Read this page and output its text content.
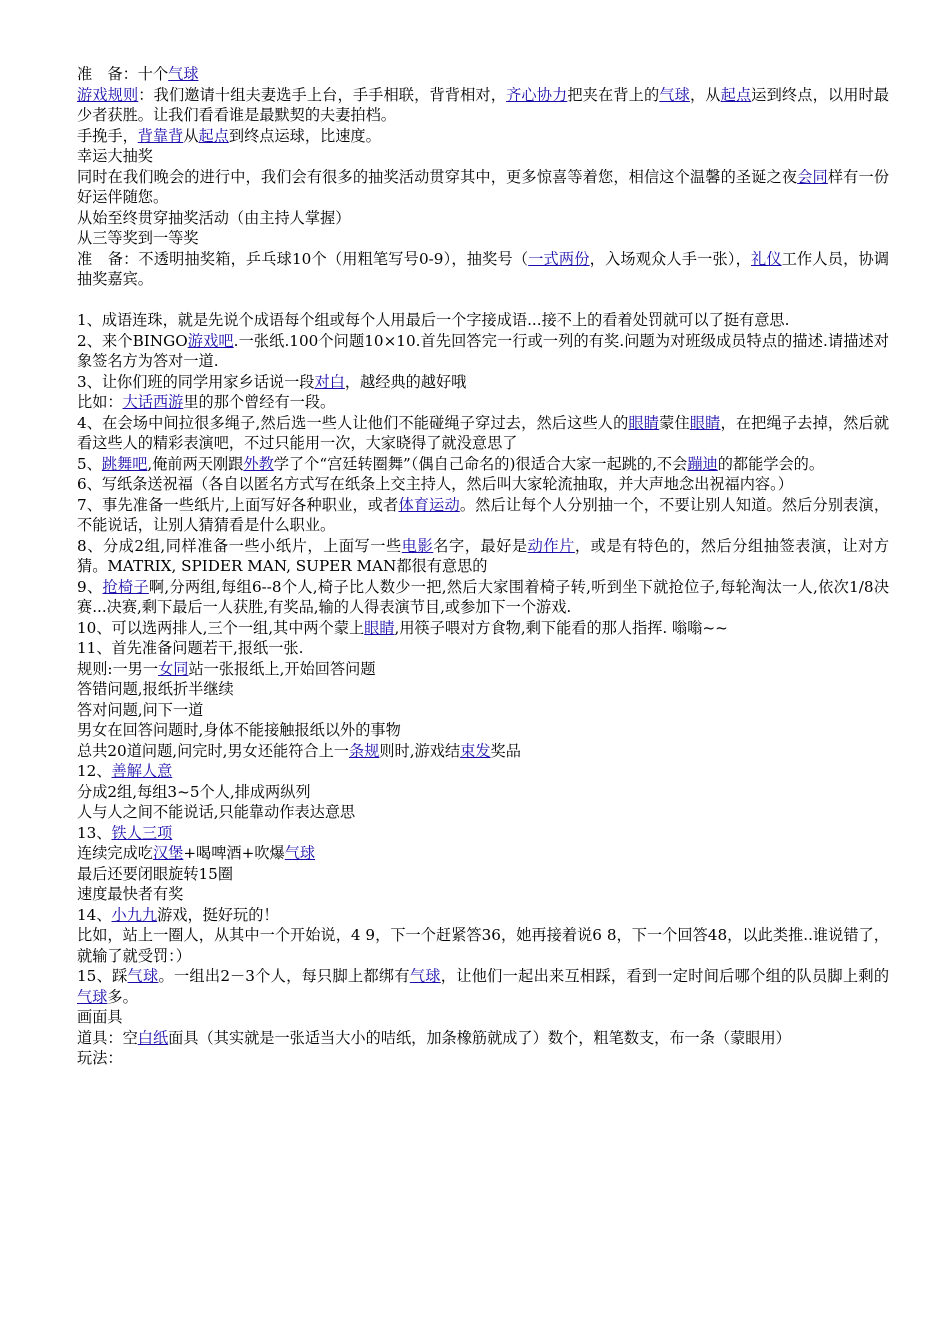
准　备：十个气球

游戏规则：我们邀请十组夫妻选手上台，手手相联，背背相对，齐心协力把夹在背上的气球，从起点运到终点，以用时最少者获胜。让我们看看谁是最默契的夫妻拍档。

手挽手，背靠背从起点到终点运球，比速度。

幸运大抽奖

同时在我们晚会的进行中，我们会有很多的抽奖活动贯穿其中，更多惊喜等着您，相信这个温馨的圣诞之夜会同样有一份好运伴随您。

从始至终贯穿抽奖活动（由主持人掌握）

从三等奖到一等奖

准　备：不透明抽奖箱，乒乓球10个（用粗笔写号0-9），抽奖号（一式两份，入场观众人手一张），礼仪工作人员，协调抽奖嘉宾。

1、成语连珠，就是先说个成语每个组或每个人用最后一个字接成语...接不上的看着处罚就可以了挺有意思.

2、来个BINGO游戏吧.一张纸.100个问题10×10.首先回答完一行或一列的有奖.问题为对班级成员特点的描述.请描述对象签名方为答对一道.

3、让你们班的同学用家乡话说一段对白，越经典的越好哦

比如：大话西游里的那个曾经有一段。

4、在会场中间拉很多绳子,然后选一些人让他们不能碰绳子穿过去，然后这些人的眼睛蒙住眼睛，在把绳子去掉，然后就看这些人的精彩表演吧，不过只能用一次，大家晓得了就没意思了

5、跳舞吧,俺前两天刚跟外教学了个“宫廷转圈舞”（偶自己命名的)很适合大家一起跳的,不会蹦迪的都能学会的。

6、写纸条送祝福（各自以匿名方式写在纸条上交主持人，然后叫大家轮流抽取，并大声地念出祝福内容。）

7、事先准备一些纸片,上面写好各种职业，或者体育运动。然后让每个人分别抽一个，不要让别人知道。然后分别表演，不能说话，让别人猜猜看是什么职业。

8、分成2组,同样准备一些小纸片，上面写一些电影名字，最好是动作片，或是有特色的，然后分组抽签表演，让对方猜。MATRIX, SPIDER MAN, SUPER MAN都很有意思的

9、抢椅子啊,分两组,每组6--8个人,椅子比人数少一把,然后大家围着椅子转,听到坐下就抢位子,每轮淘汰一人,依次1/8决赛...决赛,剩下最后一人获胜,有奖品,输的人得表演节目,或参加下一个游戏.

10、可以选两排人,三个一组,其中两个蒙上眼睛,用筷子喂对方食物,剩下能看的那人指挥. 嗡嗡~~

11、首先准备问题若干,报纸一张.

规则:一男一女同站一张报纸上,开始回答问题

答错问题,报纸折半继续

答对问题,问下一道

男女在回答问题时,身体不能接触报纸以外的事物

总共20道问题,问完时,男女还能符合上一条规则时,游戏结束发奖品

12、善解人意

分成2组,每组3~5个人,排成两纵列

人与人之间不能说话,只能靠动作表达意思

13、铁人三项

连续完成吃汉堡+喝啤酒+吹爆气球

最后还要闭眼旋转15圈

速度最快者有奖

14、小九九游戏，挺好玩的！

比如，站上一圈人，从其中一个开始说，4 9，下一个赶紧答36，她再接着说6 8，下一个回答48，以此类推..谁说错了，就输了就受罚：）

15、踩气球。一组出2－3个人，每只脚上都绑有气球，让他们一起出来互相踩，看到一定时间后哪个组的队员脚上剩的气球多。

画面具

道具：空白纸面具（其实就是一张适当大小的咭纸，加条橡筋就成了）数个，粗笔数支，布一条（蒙眼用）

玩法：
